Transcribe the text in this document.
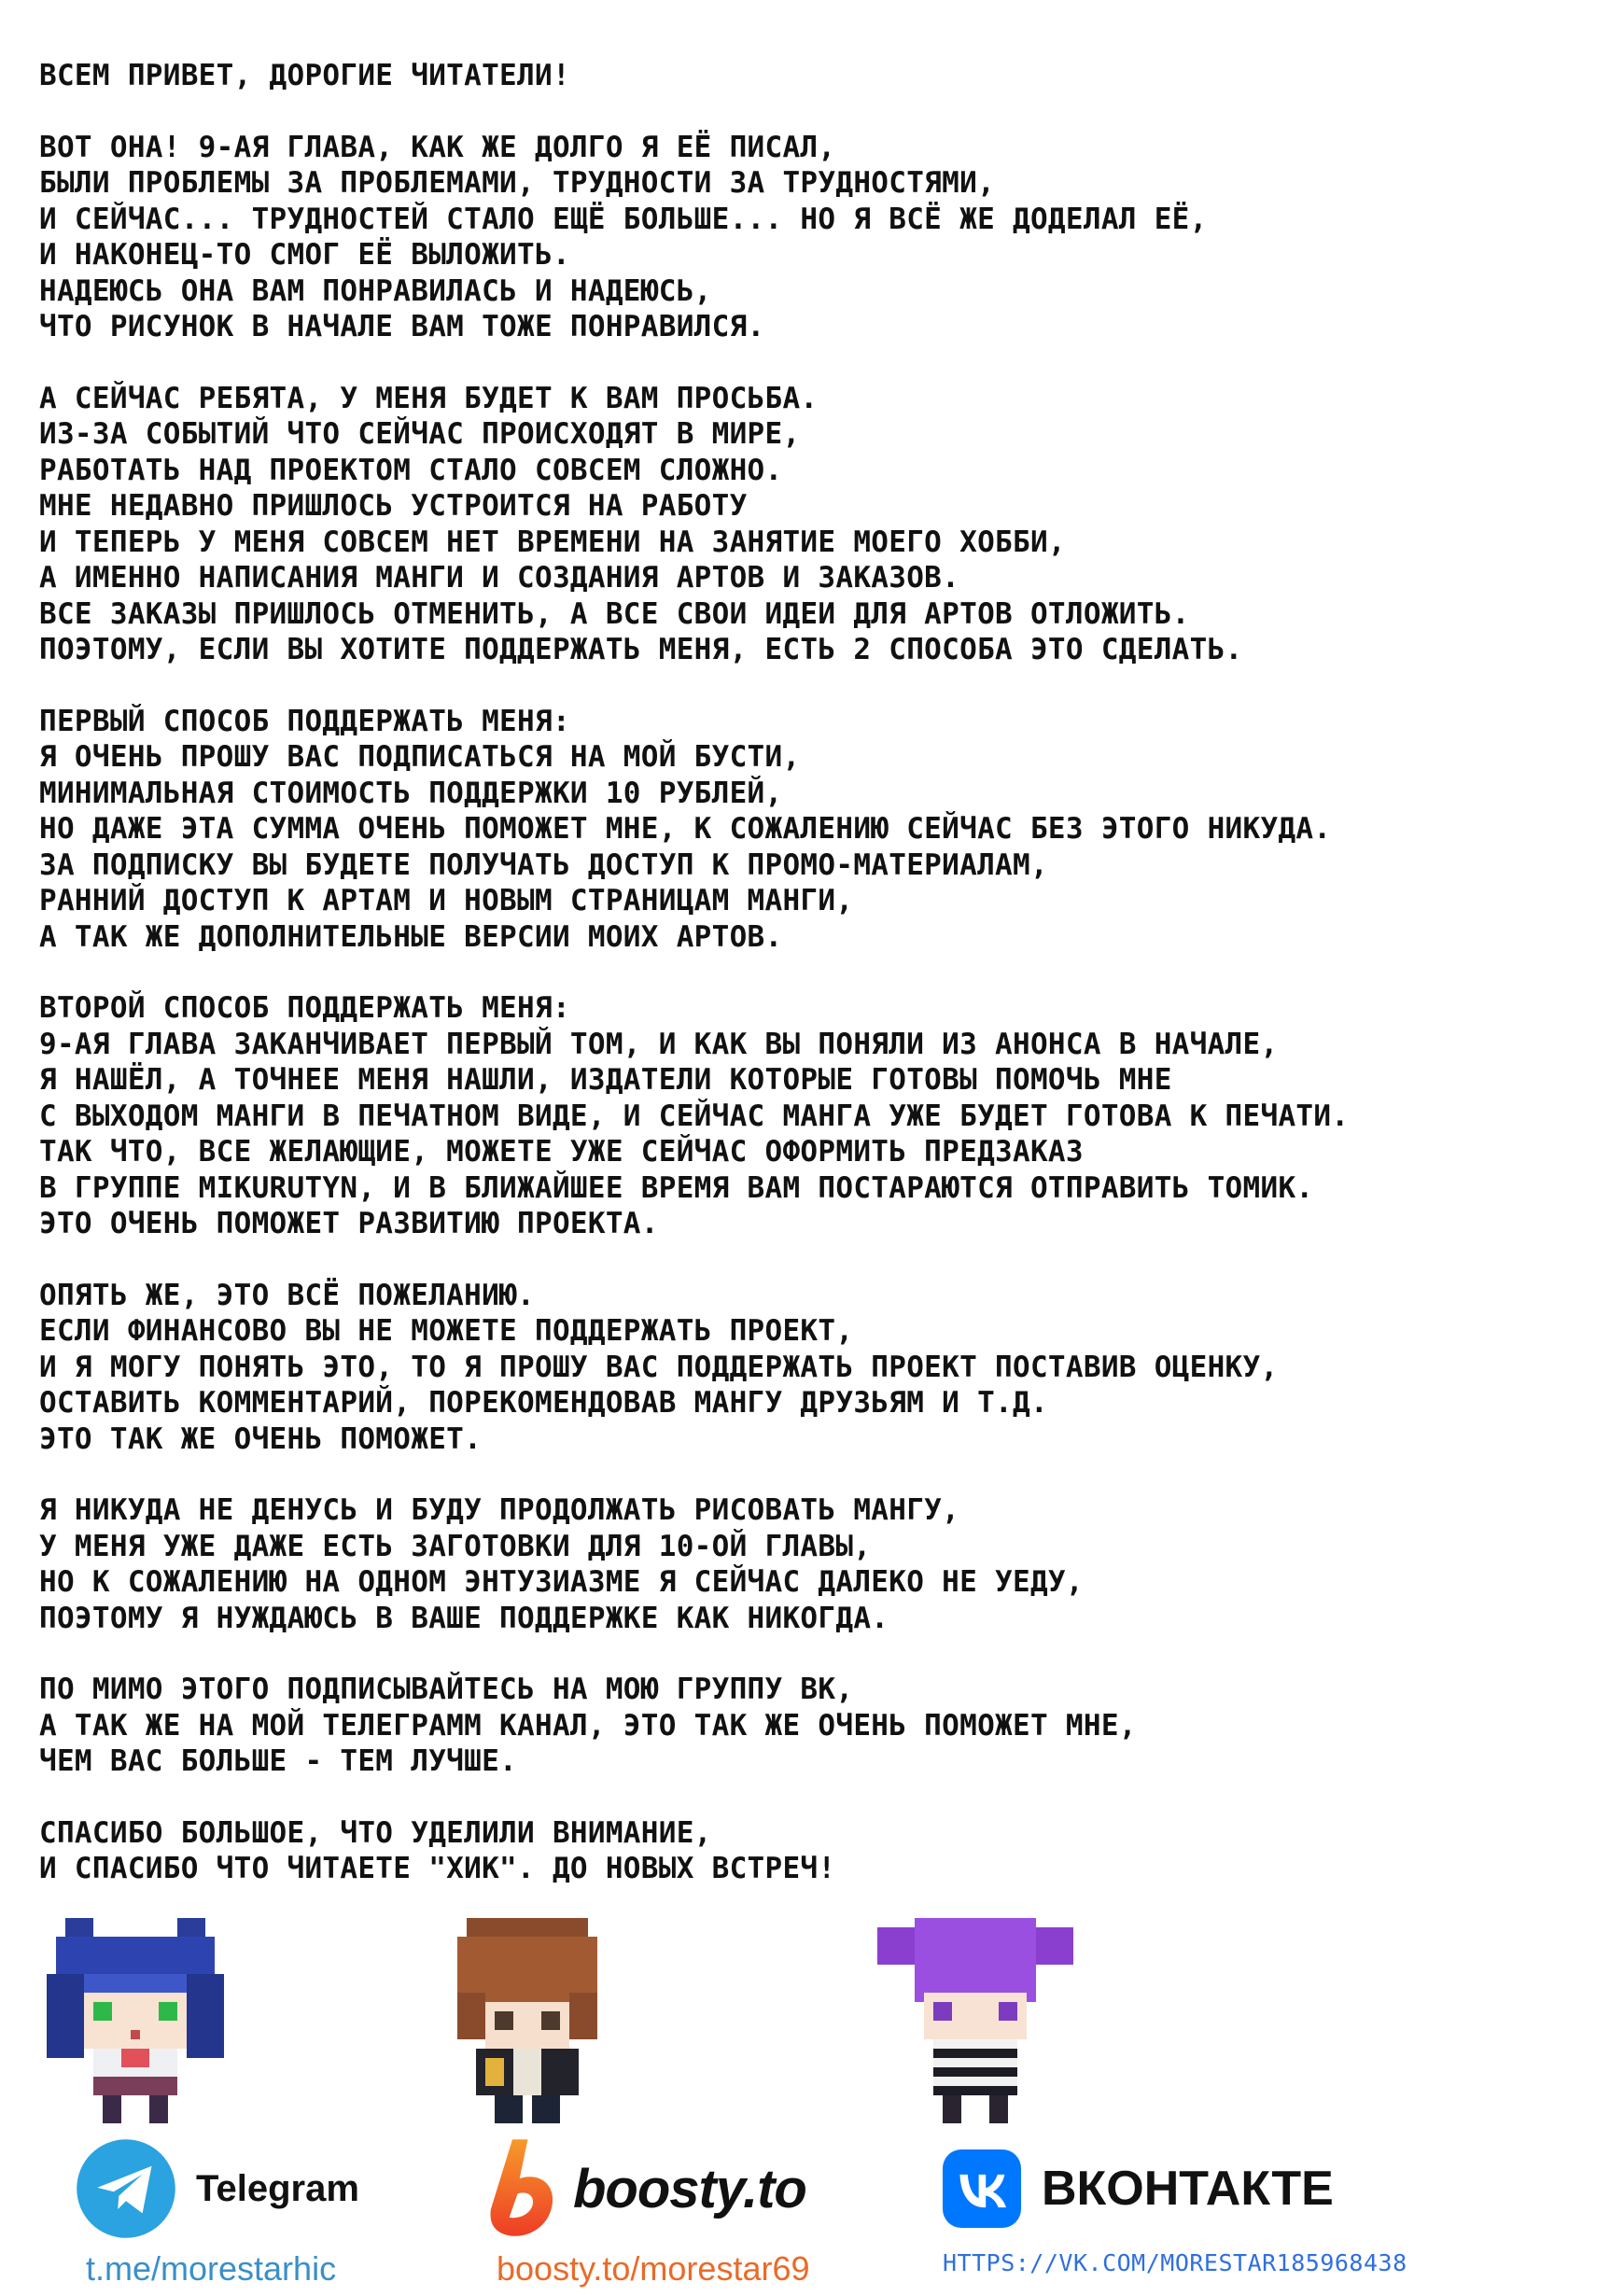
ВСЕМ ПРИВЕТ, ДОРОГИЕ ЧИТАТЕЛИ!
ВОТ ОНА! 9-АЯ ГЛАВА, КАК ЖЕ ДОЛГО Я ЕЁ ПИСАЛ,
БЫЛИ ПРОБЛЕМЫ ЗА ПРОБЛЕМАМИ, ТРУДНОСТИ ЗА ТРУДНОСТЯМИ,
И СЕЙЧАС... ТРУДНОСТЕЙ СТАЛО ЕЩЁ БОЛЬШЕ... НО Я ВСЁ ЖЕ ДОДЕЛАЛ ЕЁ,
И НАКОНЕЦ-ТО СМОГ ЕЁ ВЫЛОЖИТЬ.
НАДЕЮСЬ ОНА ВАМ ПОНРАВИЛАСЬ И НАДЕЮСЬ,
ЧТО РИСУНОК В НАЧАЛЕ ВАМ ТОЖЕ ПОНРАВИЛСЯ.
А СЕЙЧАС РЕБЯТА, У МЕНЯ БУДЕТ К ВАМ ПРОСЬБА.
ИЗ-ЗА СОБЫТИЙ ЧТО СЕЙЧАС ПРОИСХОДЯТ В МИРЕ,
РАБОТАТЬ НАД ПРОЕКТОМ СТАЛО СОВСЕМ СЛОЖНО.
МНЕ НЕДАВНО ПРИШЛОСЬ УСТРОИТСЯ НА РАБОТУ
И ТЕПЕРЬ У МЕНЯ СОВСЕМ НЕТ ВРЕМЕНИ НА ЗАНЯТИЕ МОЕГО ХОББИ,
А ИМЕННО НАПИСАНИЯ МАНГИ И СОЗДАНИЯ АРТОВ И ЗАКАЗОВ.
ВСЕ ЗАКАЗЫ ПРИШЛОСЬ ОТМЕНИТЬ, А ВСЕ СВОИ ИДЕИ ДЛЯ АРТОВ ОТЛОЖИТЬ.
ПОЭТОМУ, ЕСЛИ ВЫ ХОТИТЕ ПОДДЕРЖАТЬ МЕНЯ, ЕСТЬ 2 СПОСОБА ЭТО СДЕЛАТЬ.
ПЕРВЫЙ СПОСОБ ПОДДЕРЖАТЬ МЕНЯ:
Я ОЧЕНЬ ПРОШУ ВАС ПОДПИСАТЬСЯ НА МОЙ БУСТИ,
МИНИМАЛЬНАЯ СТОИМОСТЬ ПОДДЕРЖКИ 10 РУБЛЕЙ,
НО ДАЖЕ ЭТА СУММА ОЧЕНЬ ПОМОЖЕТ МНЕ, К СОЖАЛЕНИЮ СЕЙЧАС БЕЗ ЭТОГО НИКУДА.
ЗА ПОДПИСКУ ВЫ БУДЕТЕ ПОЛУЧАТЬ ДОСТУП К ПРОМО-МАТЕРИАЛАМ,
РАННИЙ ДОСТУП К АРТАМ И НОВЫМ СТРАНИЦАМ МАНГИ,
А ТАК ЖЕ ДОПОЛНИТЕЛЬНЫЕ ВЕРСИИ МОИХ АРТОВ.
ВТОРОЙ СПОСОБ ПОДДЕРЖАТЬ МЕНЯ:
9-АЯ ГЛАВА ЗАКАНЧИВАЕТ ПЕРВЫЙ ТОМ, И КАК ВЫ ПОНЯЛИ ИЗ АНОНСА В НАЧАЛЕ,
Я НАШЁЛ, А ТОЧНЕЕ МЕНЯ НАШЛИ, ИЗДАТЕЛИ КОТОРЫЕ ГОТОВЫ ПОМОЧЬ МНЕ
С ВЫХОДОМ МАНГИ В ПЕЧАТНОМ ВИДЕ, И СЕЙЧАС МАНГА УЖЕ БУДЕТ ГОТОВА К ПЕЧАТИ.
ТАК ЧТО, ВСЕ ЖЕЛАЮЩИЕ, МОЖЕТЕ УЖЕ СЕЙЧАС ОФОРМИТЬ ПРЕДЗАКАЗ
В ГРУППЕ MIKURUTYN, И В БЛИЖАЙШЕЕ ВРЕМЯ ВАМ ПОСТАРАЮТСЯ ОТПРАВИТЬ ТОМИК.
ЭТО ОЧЕНЬ ПОМОЖЕТ РАЗВИТИЮ ПРОЕКТА.
ОПЯТЬ ЖЕ, ЭТО ВСЁ ПОЖЕЛАНИЮ.
ЕСЛИ ФИНАНСОВО ВЫ НЕ МОЖЕТЕ ПОДДЕРЖАТЬ ПРОЕКТ,
И Я МОГУ ПОНЯТЬ ЭТО, ТО Я ПРОШУ ВАС ПОДДЕРЖАТЬ ПРОЕКТ ПОСТАВИВ ОЦЕНКУ,
ОСТАВИТЬ КОММЕНТАРИЙ, ПОРЕКОМЕНДОВАВ МАНГУ ДРУЗЬЯМ И Т.Д.
ЭТО ТАК ЖЕ ОЧЕНЬ ПОМОЖЕТ.
Я НИКУДА НЕ ДЕНУСЬ И БУДУ ПРОДОЛЖАТЬ РИСОВАТЬ МАНГУ,
У МЕНЯ УЖЕ ДАЖЕ ЕСТЬ ЗАГОТОВКИ ДЛЯ 10-ОЙ ГЛАВЫ,
НО К СОЖАЛЕНИЮ НА ОДНОМ ЭНТУЗИАЗМЕ Я СЕЙЧАС ДАЛЕКО НЕ УЕДУ,
ПОЭТОМУ Я НУЖДАЮСЬ В ВАШЕ ПОДДЕРЖКЕ КАК НИКОГДА.
ПО МИМО ЭТОГО ПОДПИСЫВАЙТЕСЬ НА МОЮ ГРУППУ ВК,
А ТАК ЖЕ НА МОЙ ТЕЛЕГРАММ КАНАЛ, ЭТО ТАК ЖЕ ОЧЕНЬ ПОМОЖЕТ МНЕ,
ЧЕМ ВАС БОЛЬШЕ - ТЕМ ЛУЧШЕ.
СПАСИБО БОЛЬШОЕ, ЧТО УДЕЛИЛИ ВНИМАНИЕ,
И СПАСИБО ЧТО ЧИТАЕТЕ "ХИК". ДО НОВЫХ ВСТРЕЧ!
Telegram
t.me/morestarhic
boosty.to
boosty.to/morestar69
ВКОНТАКТЕ
HTTPS://VK.COM/MORESTAR185968438
